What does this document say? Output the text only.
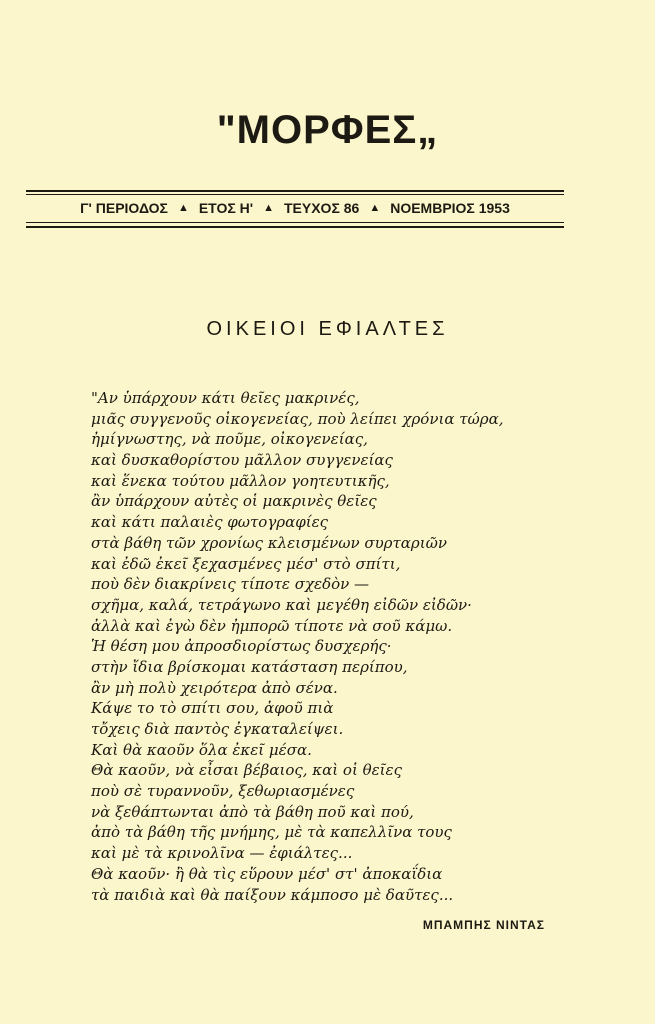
"ΜΟΡΦΕΣ„
Γ' ΠΕΡΙΟΔΟΣ ▲ ΕΤΟΣ Η' ▲ ΤΕΥΧΟΣ 86 ▲ ΝΟΕΜΒΡΙΟΣ 1953
ΟΙΚΕΙΟΙ ΕΦΙΑΛΤΕΣ
"Αν ὑπάρχουν κάτι θεῖες μακρινές,
μιᾶς συγγενοῦς οἰκογενείας, ποὺ λείπει χρόνια τώρα,
ἠμίγνωστης, νὰ ποῦμε, οἰκογενείας,
καὶ δυσκαθορίστου μᾶλλον συγγενείας
καὶ ἕνεκα τούτου μᾶλλον γοητευτικῆς,
ἂν ὑπάρχουν αὐτὲς οἱ μακρινὲς θεῖες
καὶ κάτι παλαιὲς φωτογραφίες
στὰ βάθη τῶν χρονίως κλεισμένων συρταριῶν
καὶ ἐδῶ ἐκεῖ ξεχασμένες μέσ' στὸ σπίτι,
ποὺ δὲν διακρίνεις τίποτε σχεδὸν —
σχῆμα, καλά, τετράγωνο καὶ μεγέθη εἰδῶν εἰδῶν·
ἀλλὰ καὶ ἐγὼ δὲν ἠμπορῶ τίποτε νὰ σοῦ κάμω.
Ἡ θέση μου ἀπροσδιορίστως δυσχερής·
στὴν ἴδια βρίσκομαι κατάσταση περίπου,
ἂν μὴ πολὺ χειρότερα ἀπὸ σένα.
Κάψε το τὸ σπίτι σου, ἀφοῦ πιὰ
τὄχεις διὰ παντὸς ἐγκαταλείψει.
Καὶ θὰ καοῦν ὅλα ἐκεῖ μέσα.
Θὰ καοῦν, νὰ εἶσαι βέβαιος, καὶ οἱ θεῖες
ποὺ σὲ τυραννοῦν, ξεθωριασμένες
νὰ ξεθάπτωνται ἀπὸ τὰ βάθη ποῦ καὶ πού,
ἀπὸ τὰ βάθη τῆς μνήμης, μὲ τὰ καπελλῖνα τους
καὶ μὲ τὰ κρινολῖνα — ἐφιάλτες...
Θὰ καοῦν· ἢ θὰ τὶς εὕρουν μέσ' στ' ἀποκαΐδια
τὰ παιδιὰ καὶ θὰ παίξουν κάμποσο μὲ δαῦτες...
ΜΠΑΜΠΗΣ ΝΙΝΤΑΣ
